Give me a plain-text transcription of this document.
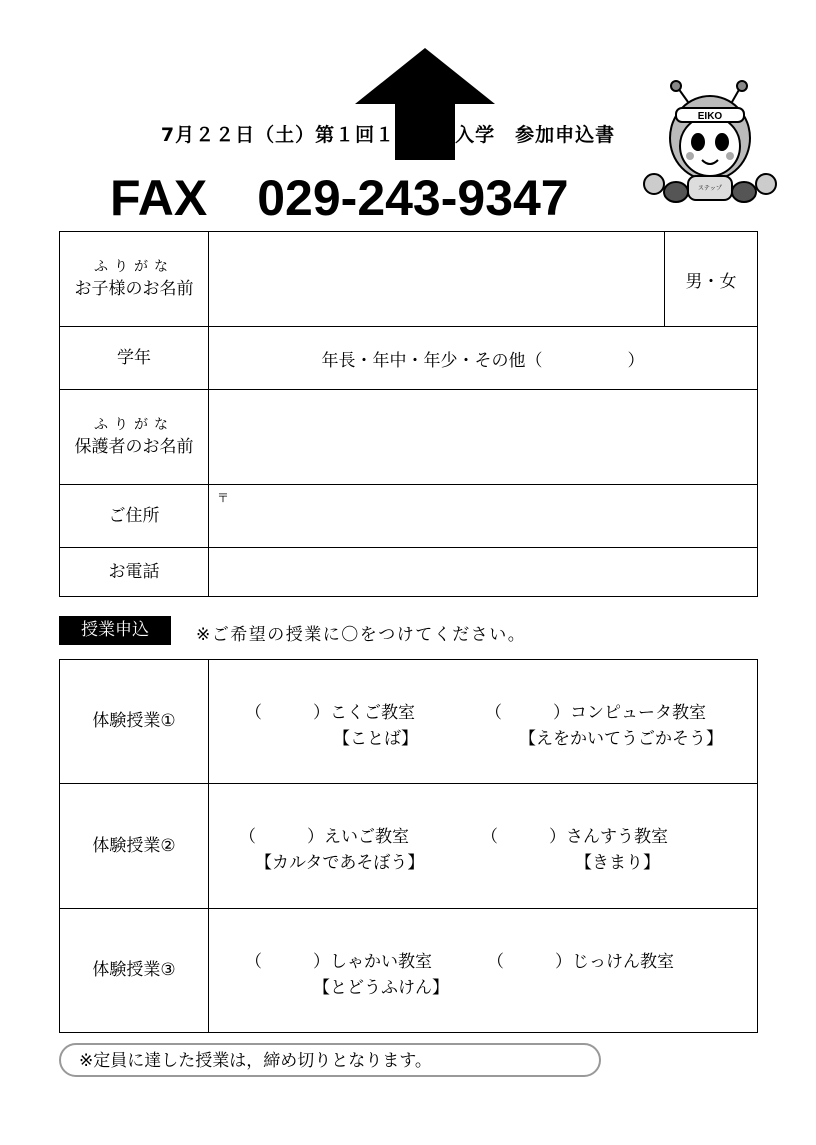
7月２２日（土）第１回１日体験入学　参加申込書
FAX　029-243-9347
EIKO
ステップ
ふりがな
お子様のお名前		男・女
学年	年長・年中・年少・その他（　　　　　）	

ふりがな
保護者のお名前		

ご住所	〒	

お電話		
授業申込	※ご希望の授業に〇をつけてください。
体験授業①	（　　　）こくご教室
【ことば】
（　　　）コンピュータ教室
【えをかいてうごかそう】

体験授業②	（　　　）えいご教室
【カルタであそぼう】
（　　　）さんすう教室
【きまり】

体験授業③	（　　　）しゃかい教室
【とどうふけん】
（　　　）じっけん教室
※定員に達した授業は，締め切りとなります。
